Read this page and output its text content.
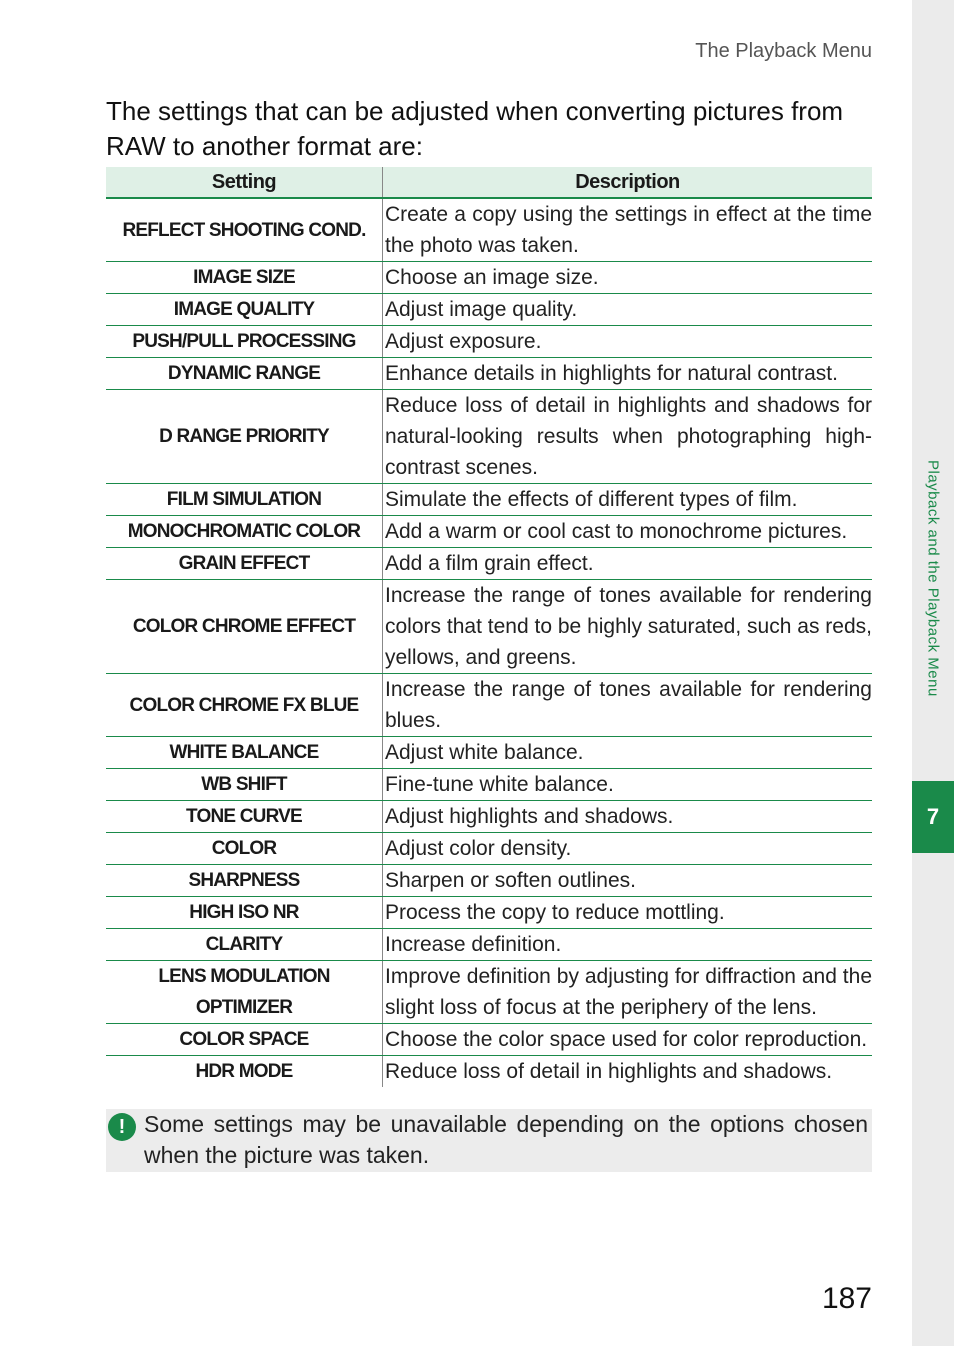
The Playback Menu
Playback and the Playback Menu
7
The settings that can be adjusted when converting pictures from RAW to another format are:
Setting	Description
REFLECT SHOOTING COND.	Create a copy using the settings in effect at the time the photo was taken.
IMAGE SIZE	Choose an image size.
IMAGE QUALITY	Adjust image quality.
PUSH/PULL PROCESSING	Adjust exposure.
DYNAMIC RANGE	Enhance details in highlights for natural contrast.
D RANGE PRIORITY	Reduce loss of detail in highlights and shadows for natural-looking results when photographing high-contrast scenes.
FILM SIMULATION	Simulate the effects of different types of film.
MONOCHROMATIC COLOR	Add a warm or cool cast to monochrome pictures.
GRAIN EFFECT	Add a film grain effect.
COLOR CHROME EFFECT	Increase the range of tones available for rendering colors that tend to be highly saturated, such as reds, yellows, and greens.
COLOR CHROME FX BLUE	Increase the range of tones available for rendering blues.
WHITE BALANCE	Adjust white balance.
WB SHIFT	Fine-tune white balance.
TONE CURVE	Adjust highlights and shadows.
COLOR	Adjust color density.
SHARPNESS	Sharpen or soften outlines.
HIGH ISO NR	Process the copy to reduce mottling.
CLARITY	Increase definition.
LENS MODULATION OPTIMIZER	Improve definition by adjusting for diffraction and the slight loss of focus at the periphery of the lens.
COLOR SPACE	Choose the color space used for color reproduction.
HDR MODE	Reduce loss of detail in highlights and shadows.
! Some settings may be unavailable depending on the options chosen when the picture was taken.
187
